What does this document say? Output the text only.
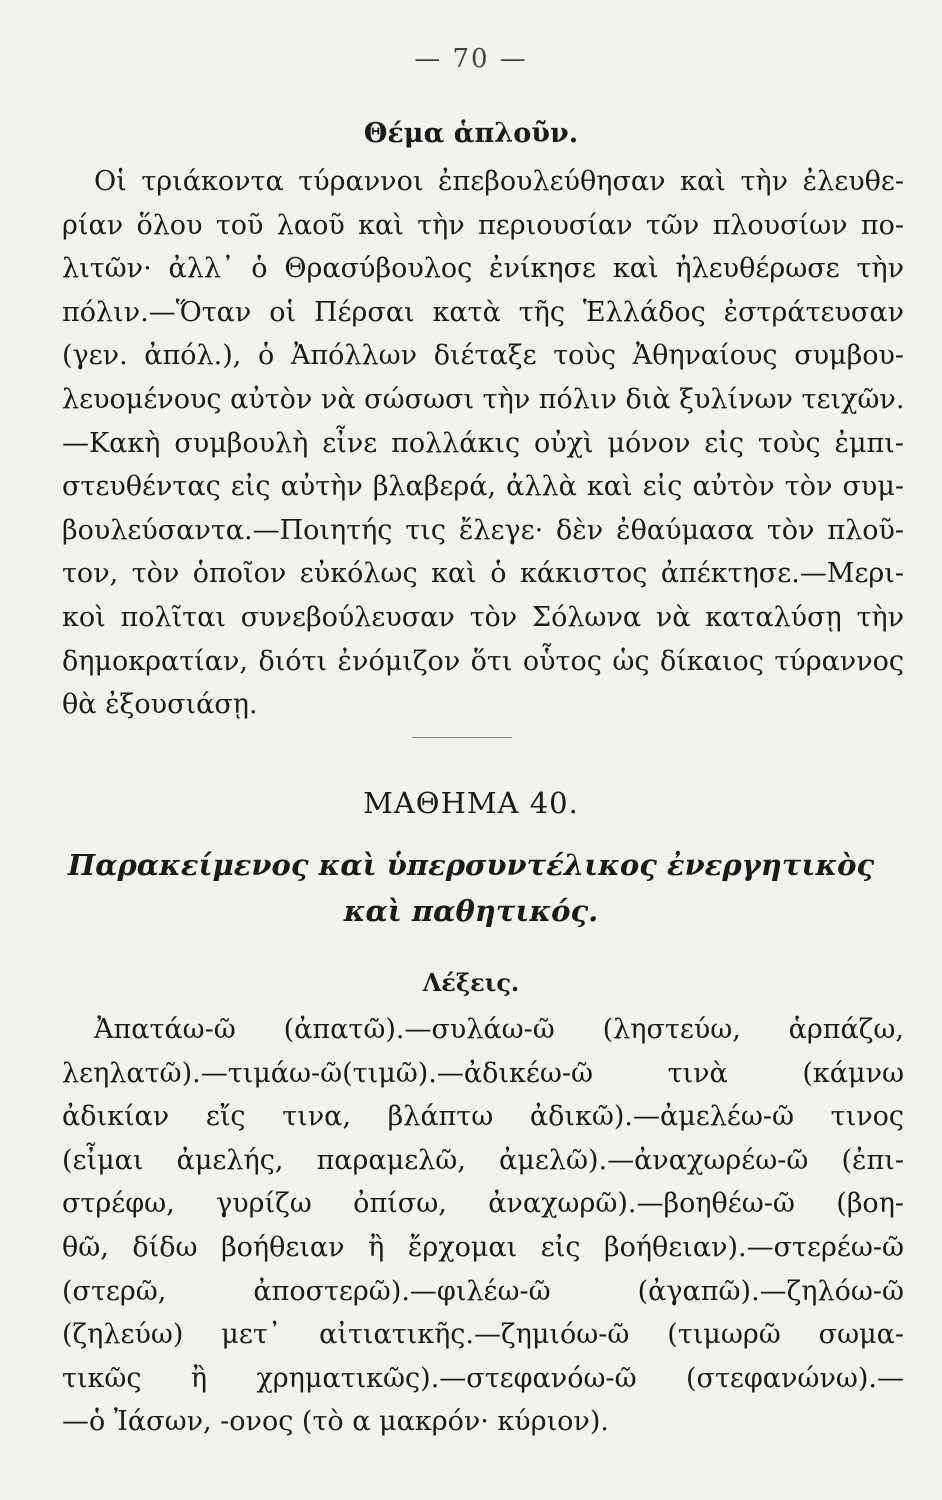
— 70 —
Θέμα ἁπλοῦν.
Οἱ τριάκοντα τύραννοι ἐπεβουλεύθησαν καὶ τὴν ἐλευθε-
ρίαν ὅλου τοῦ λαοῦ καὶ τὴν περιουσίαν τῶν πλουσίων πο-
λιτῶν· ἀλλ᾽ ὁ Θρασύβουλος ἐνίκησε καὶ ἠλευθέρωσε τὴν
πόλιν.—Ὅταν οἱ Πέρσαι κατὰ τῆς Ἑλλάδος ἐστράτευσαν
(γεν. ἀπόλ.), ὁ Ἀπόλλων διέταξε τοὺς Ἀθηναίους συμβου-
λευομένους αὐτὸν νὰ σώσωσι τὴν πόλιν διὰ ξυλίνων τειχῶν.
—Κακὴ συμβουλὴ εἶνε πολλάκις οὐχὶ μόνον εἰς τοὺς ἐμπι-
στευθέντας εἰς αὐτὴν βλαβερά, ἀλλὰ καὶ εἰς αὐτὸν τὸν συμ-
βουλεύσαντα.—Ποιητής τις ἔλεγε· δὲν ἐθαύμασα τὸν πλοῦ-
τον, τὸν ὁποῖον εὐκόλως καὶ ὁ κάκιστος ἀπέκτησε.—Μερι-
κοὶ πολῖται συνεβούλευσαν τὸν Σόλωνα νὰ καταλύσῃ τὴν
δημοκρατίαν, διότι ἐνόμιζον ὅτι οὗτος ὡς δίκαιος τύραννος
θὰ ἐξουσιάσῃ.
ΜΑΘΗΜΑ 40.
Παρακείμενος καὶ ὑπερσυντέλικος ἐνεργητικὸς
καὶ παθητικός.
Λέξεις.
Ἀπατάω-ῶ (ἀπατῶ).—συλάω-ῶ (ληστεύω, ἁρπάζω,
λεηλατῶ).—τιμάω-ῶ(τιμῶ).—ἀδικέω-ῶ τινὰ (κάμνω
ἀδικίαν εἴς τινα, βλάπτω ἀδικῶ).—ἀμελέω-ῶ τινος
(εἶμαι ἀμελής, παραμελῶ, ἀμελῶ).—ἀναχωρέω-ῶ (ἐπι-
στρέφω, γυρίζω ὀπίσω, ἀναχωρῶ).—βοηθέω-ῶ (βοη-
θῶ, δίδω βοήθειαν ἢ ἔρχομαι εἰς βοήθειαν).—στερέω-ῶ
(στερῶ, ἀποστερῶ).—φιλέω-ῶ (ἀγαπῶ).—ζηλόω-ῶ
(ζηλεύω) μετ᾽ αἰτιατικῆς.—ζημιόω-ῶ (τιμωρῶ σωμα-
τικῶς ἢ χρηματικῶς).—στεφανόω-ῶ (στεφανώνω).—
—ὁ Ἰάσων, -ονος (τὸ α μακρόν· κύριον).
